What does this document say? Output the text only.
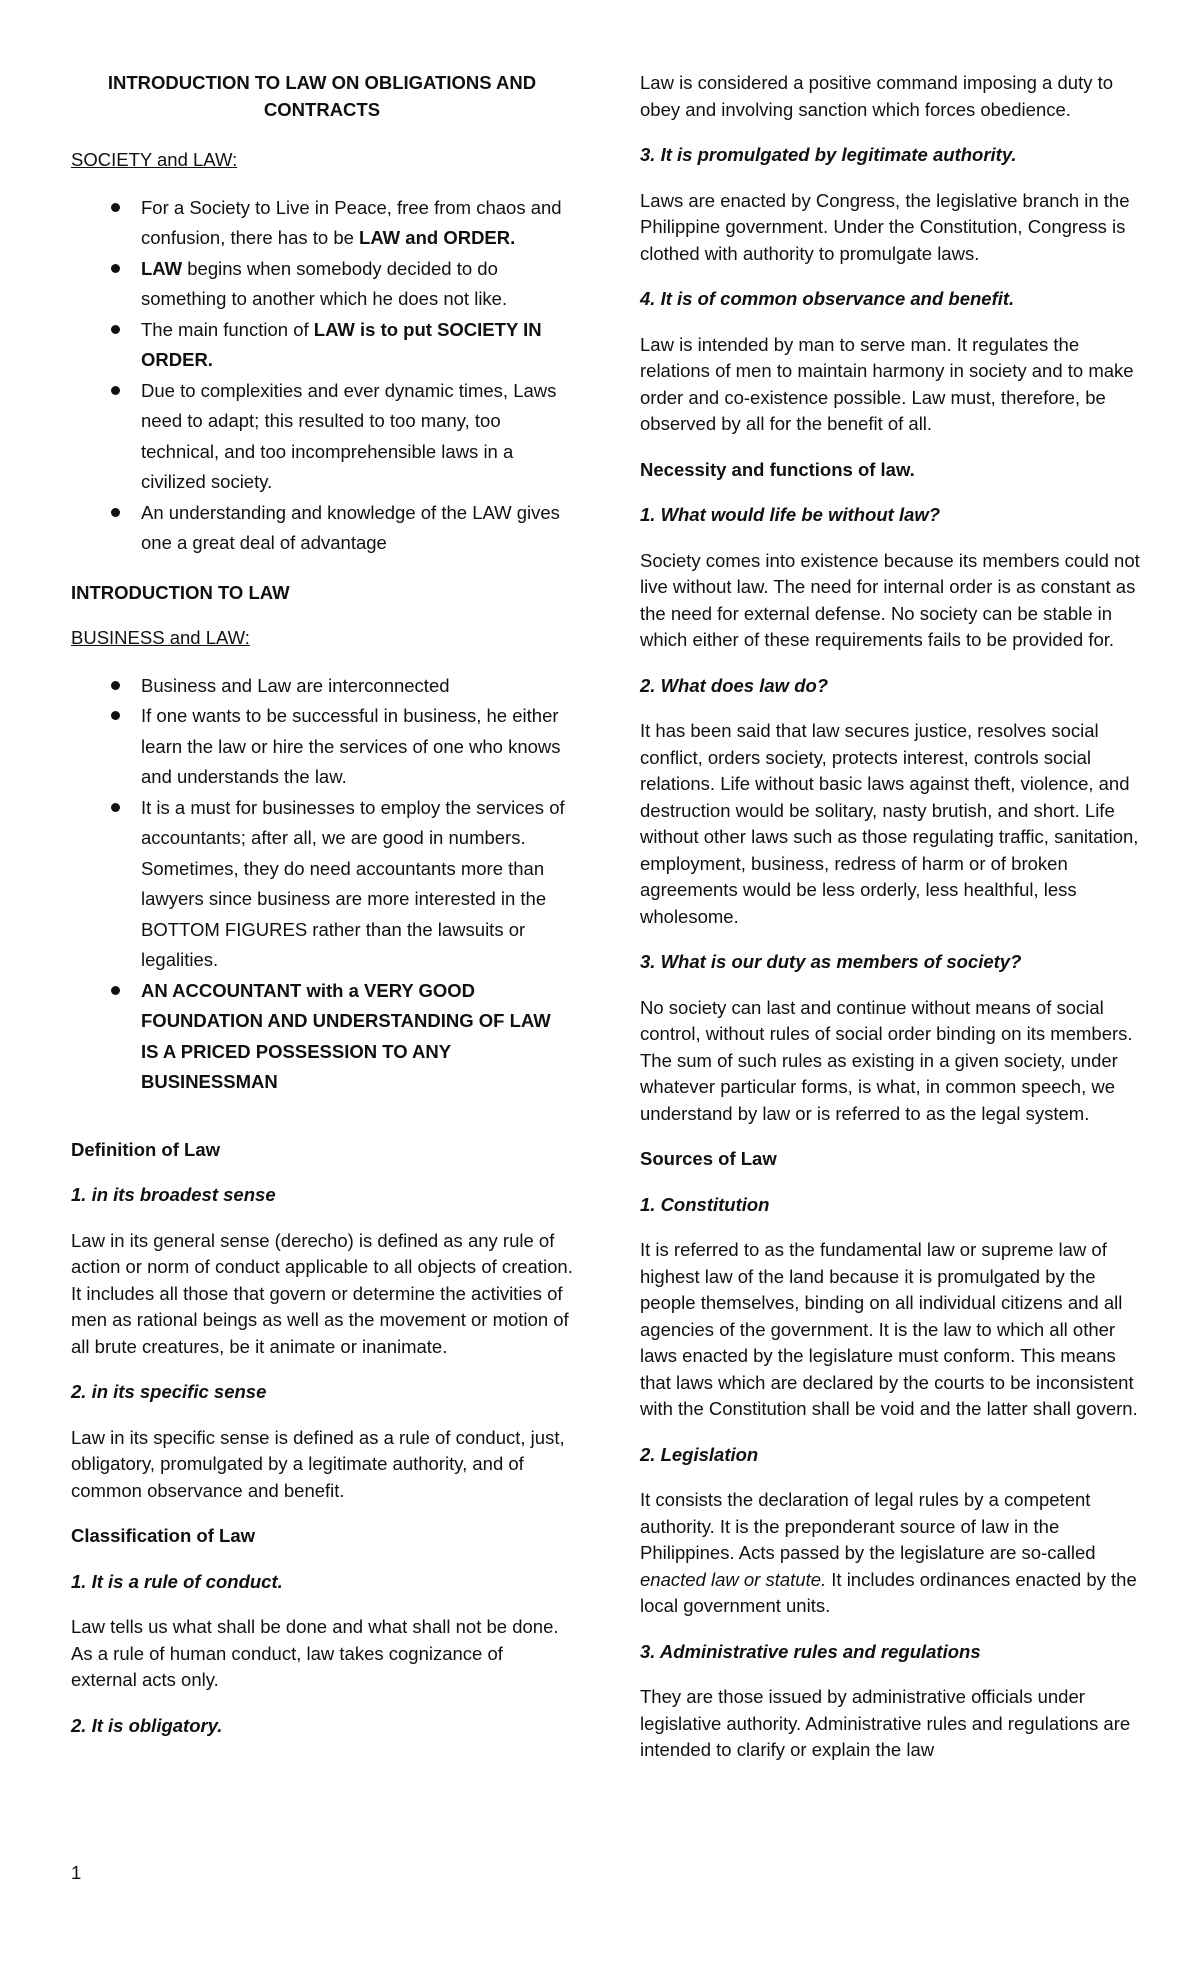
INTRODUCTION TO LAW ON OBLIGATIONS AND CONTRACTS

SOCIETY and LAW:

For a Society to Live in Peace, free from chaos and confusion, there has to be LAW and ORDER.
LAW begins when somebody decided to do something to another which he does not like.
The main function of LAW is to put SOCIETY IN ORDER.
Due to complexities and ever dynamic times, Laws need to adapt; this resulted to too many, too technical, and too incomprehensible laws in a civilized society.
An understanding and knowledge of the LAW gives one a great deal of advantage

INTRODUCTION TO LAW

BUSINESS and LAW:

Business and Law are interconnected
If one wants to be successful in business, he either learn the law or hire the services of one who knows and understands the law.
It is a must for businesses to employ the services of accountants; after all, we are good in numbers. Sometimes, they do need accountants more than lawyers since business are more interested in the BOTTOM FIGURES rather than the lawsuits or legalities.
AN ACCOUNTANT with a VERY GOOD FOUNDATION AND UNDERSTANDING OF LAW IS A PRICED POSSESSION TO ANY BUSINESSMAN

Definition of Law

1. in its broadest sense

Law in its general sense (derecho) is defined as any rule of action or norm of conduct applicable to all objects of creation. It includes all those that govern or determine the activities of men as rational beings as well as the movement or motion of all brute creatures, be it animate or inanimate.

2. in its specific sense

Law in its specific sense is defined as a rule of conduct, just, obligatory, promulgated by a legitimate authority, and of common observance and benefit.

Classification of Law

1. It is a rule of conduct.

Law tells us what shall be done and what shall not be done. As a rule of human conduct, law takes cognizance of external acts only.

2. It is obligatory.

Law is considered a positive command imposing a duty to obey and involving sanction which forces obedience.

3. It is promulgated by legitimate authority.

Laws are enacted by Congress, the legislative branch in the Philippine government. Under the Constitution, Congress is clothed with authority to promulgate laws.

4. It is of common observance and benefit.

Law is intended by man to serve man. It regulates the relations of men to maintain harmony in society and to make order and co-existence possible. Law must, therefore, be observed by all for the benefit of all.

Necessity and functions of law.

1. What would life be without law?

Society comes into existence because its members could not live without law. The need for internal order is as constant as the need for external defense. No society can be stable in which either of these requirements fails to be provided for.

2. What does law do?

It has been said that law secures justice, resolves social conflict, orders society, protects interest, controls social relations. Life without basic laws against theft, violence, and destruction would be solitary, nasty brutish, and short. Life without other laws such as those regulating traffic, sanitation, employment, business, redress of harm or of broken agreements would be less orderly, less healthful, less wholesome.

3. What is our duty as members of society?

No society can last and continue without means of social control, without rules of social order binding on its members. The sum of such rules as existing in a given society, under whatever particular forms, is what, in common speech, we understand by law or is referred to as the legal system.

Sources of Law

1. Constitution

It is referred to as the fundamental law or supreme law of highest law of the land because it is promulgated by the people themselves, binding on all individual citizens and all agencies of the government. It is the law to which all other laws enacted by the legislature must conform. This means that laws which are declared by the courts to be inconsistent with the Constitution shall be void and the latter shall govern.

2. Legislation

It consists the declaration of legal rules by a competent authority. It is the preponderant source of law in the Philippines. Acts passed by the legislature are so-called enacted law or statute. It includes ordinances enacted by the local government units.

3. Administrative rules and regulations

They are those issued by administrative officials under legislative authority. Administrative rules and regulations are intended to clarify or explain the law

1
